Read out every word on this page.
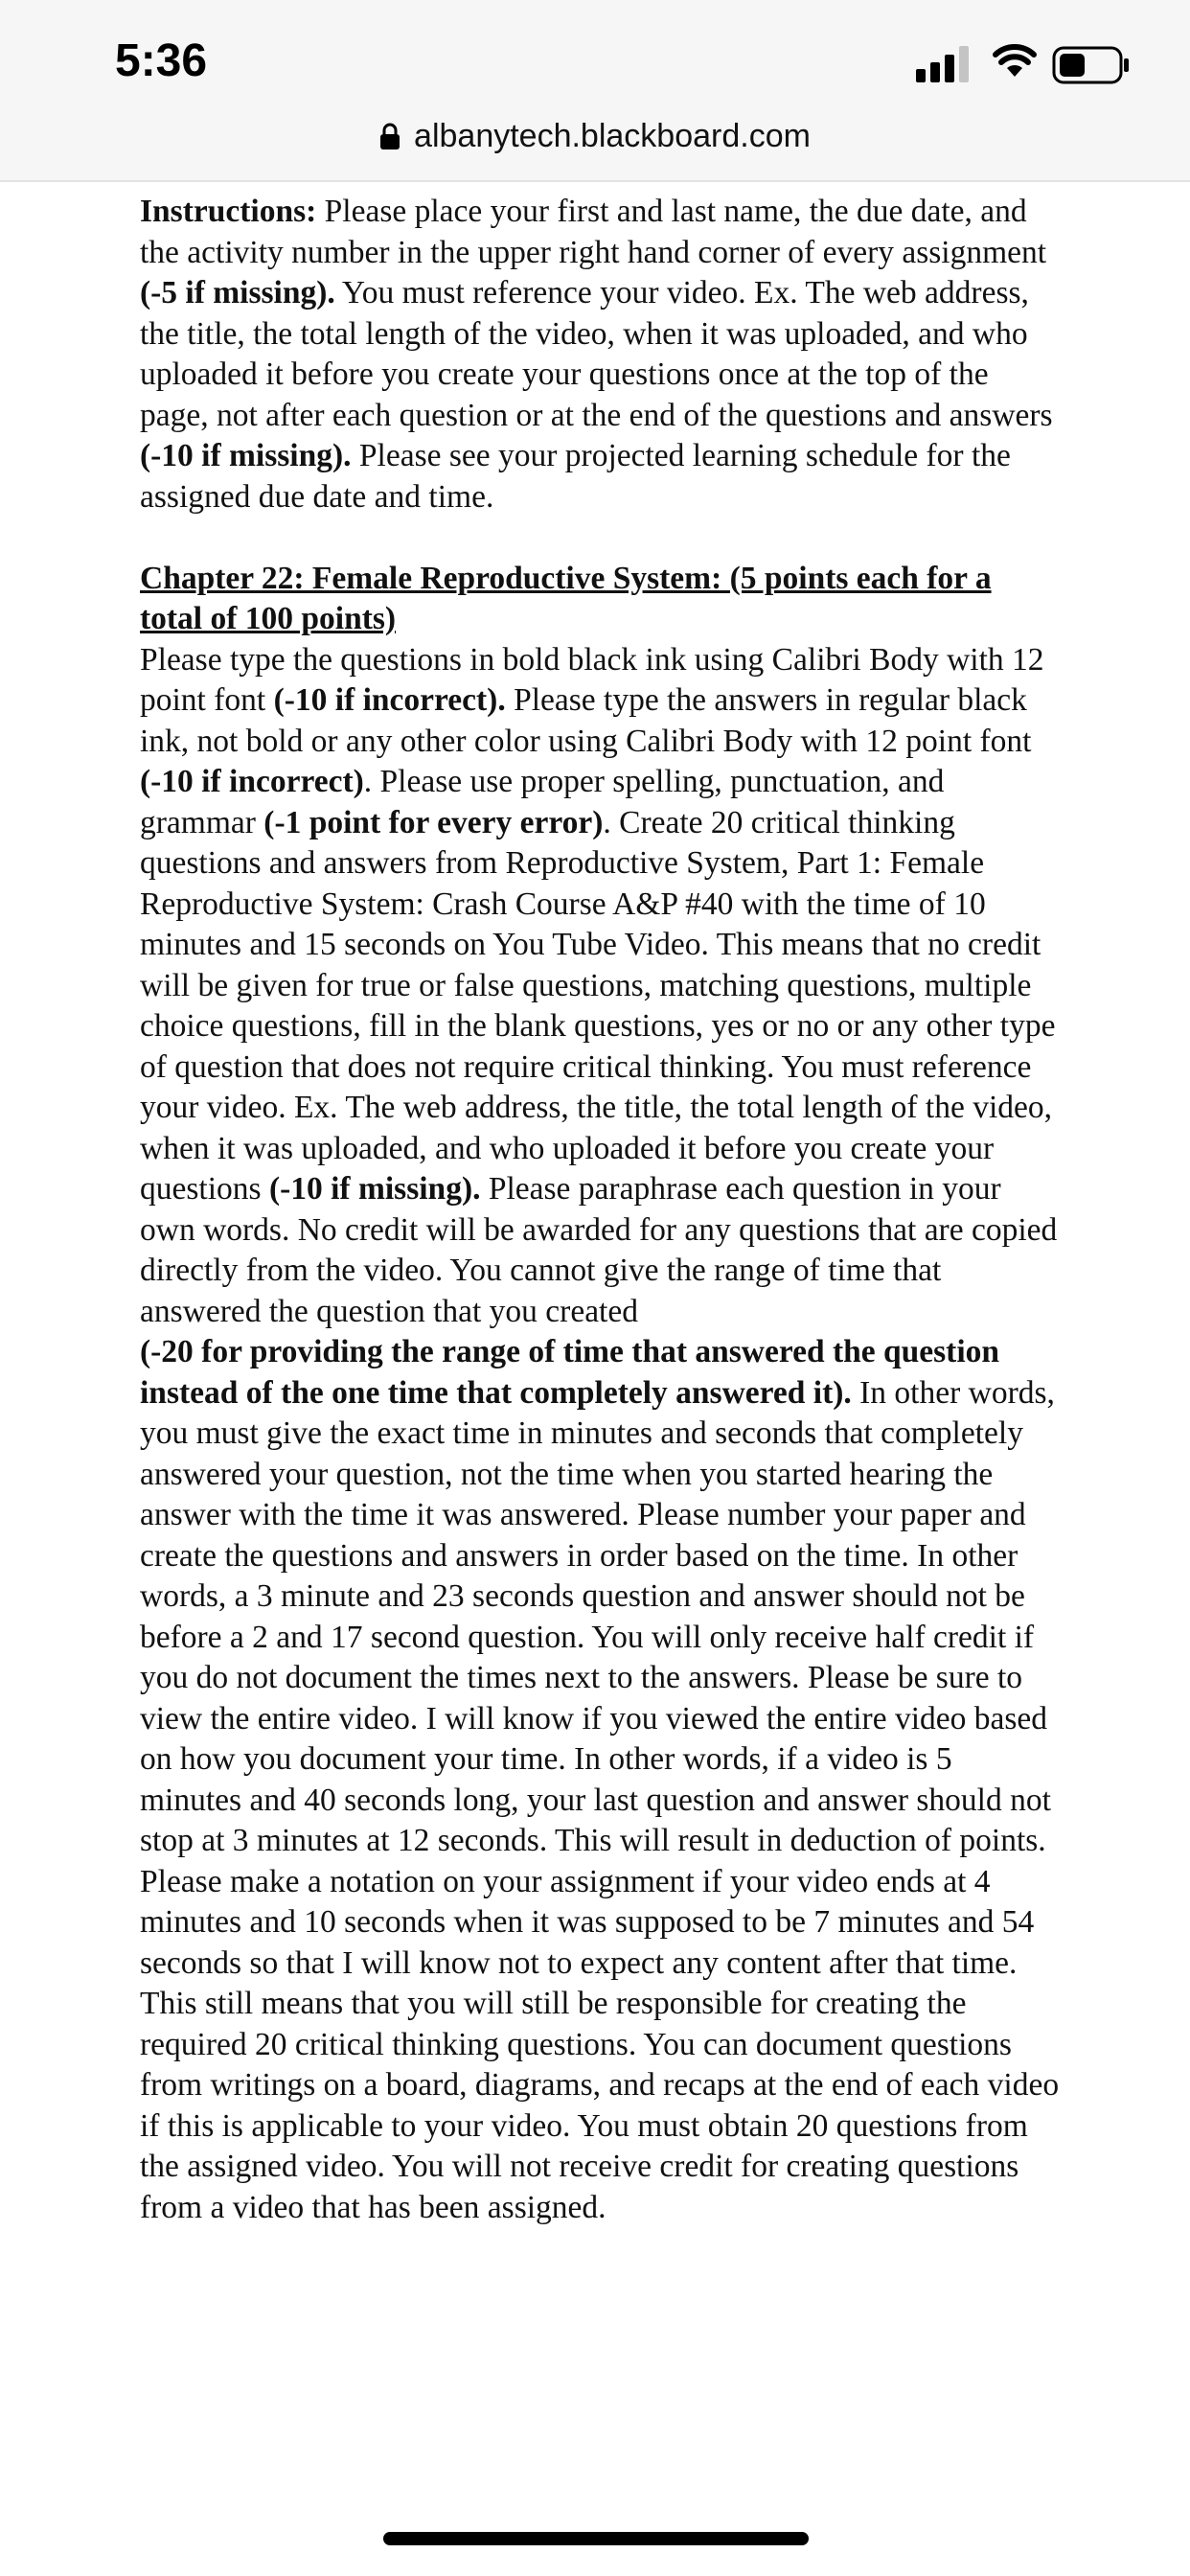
5:36
albanytech.blackboard.com

Instructions: Please place your first and last name, the due date, and the activity number in the upper right hand corner of every assignment (-5 if missing). You must reference your video. Ex. The web address, the title, the total length of the video, when it was uploaded, and who uploaded it before you create your questions once at the top of the page, not after each question or at the end of the questions and answers (-10 if missing). Please see your projected learning schedule for the assigned due date and time.

Chapter 22: Female Reproductive System: (5 points each for a total of 100 points)
Please type the questions in bold black ink using Calibri Body with 12 point font (-10 if incorrect). Please type the answers in regular black ink, not bold or any other color using Calibri Body with 12 point font (-10 if incorrect). Please use proper spelling, punctuation, and grammar (-1 point for every error). Create 20 critical thinking questions and answers from Reproductive System, Part 1: Female Reproductive System: Crash Course A&P #40 with the time of 10 minutes and 15 seconds on You Tube Video. This means that no credit will be given for true or false questions, matching questions, multiple choice questions, fill in the blank questions, yes or no or any other type of question that does not require critical thinking. You must reference your video. Ex. The web address, the title, the total length of the video, when it was uploaded, and who uploaded it before you create your questions (-10 if missing). Please paraphrase each question in your own words. No credit will be awarded for any questions that are copied directly from the video. You cannot give the range of time that answered the question that you created
(-20 for providing the range of time that answered the question instead of the one time that completely answered it). In other words, you must give the exact time in minutes and seconds that completely answered your question, not the time when you started hearing the answer with the time it was answered. Please number your paper and create the questions and answers in order based on the time. In other words, a 3 minute and 23 seconds question and answer should not be before a 2 and 17 second question. You will only receive half credit if you do not document the times next to the answers. Please be sure to view the entire video. I will know if you viewed the entire video based on how you document your time. In other words, if a video is 5 minutes and 40 seconds long, your last question and answer should not stop at 3 minutes at 12 seconds. This will result in deduction of points. Please make a notation on your assignment if your video ends at 4 minutes and 10 seconds when it was supposed to be 7 minutes and 54 seconds so that I will know not to expect any content after that time. This still means that you will still be responsible for creating the required 20 critical thinking questions. You can document questions from writings on a board, diagrams, and recaps at the end of each video if this is applicable to your video. You must obtain 20 questions from the assigned video. You will not receive credit for creating questions from a video that has been assigned.
